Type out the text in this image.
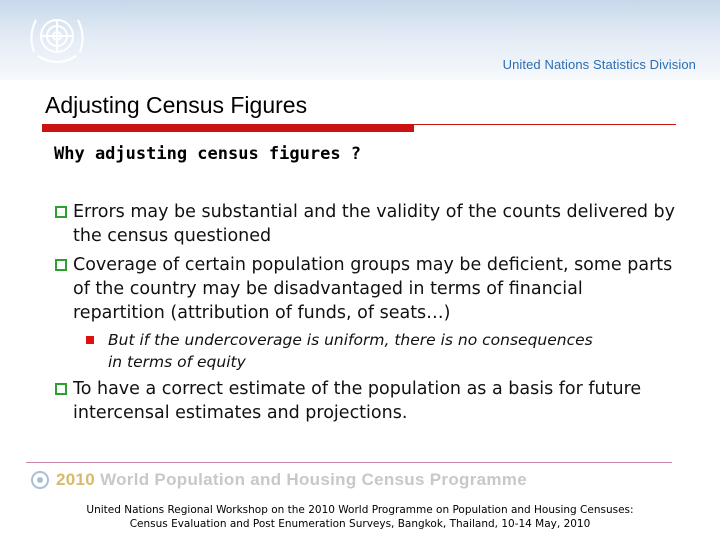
United Nations Statistics Division
Adjusting Census Figures
Why adjusting census figures ?
Errors may be substantial and the validity of the counts delivered by the census questioned
Coverage of certain population groups may be deficient, some parts of the country may be disadvantaged in terms of financial repartition (attribution of funds, of seats…)
But if the undercoverage is uniform, there is no consequences in terms of equity
To have a correct estimate of the population as a basis for future intercensal estimates and projections.
2010 World Population and Housing Census Programme
United Nations Regional Workshop on the 2010 World Programme on Population and Housing Censuses:
Census Evaluation and Post Enumeration Surveys, Bangkok, Thailand, 10-14 May, 2010
